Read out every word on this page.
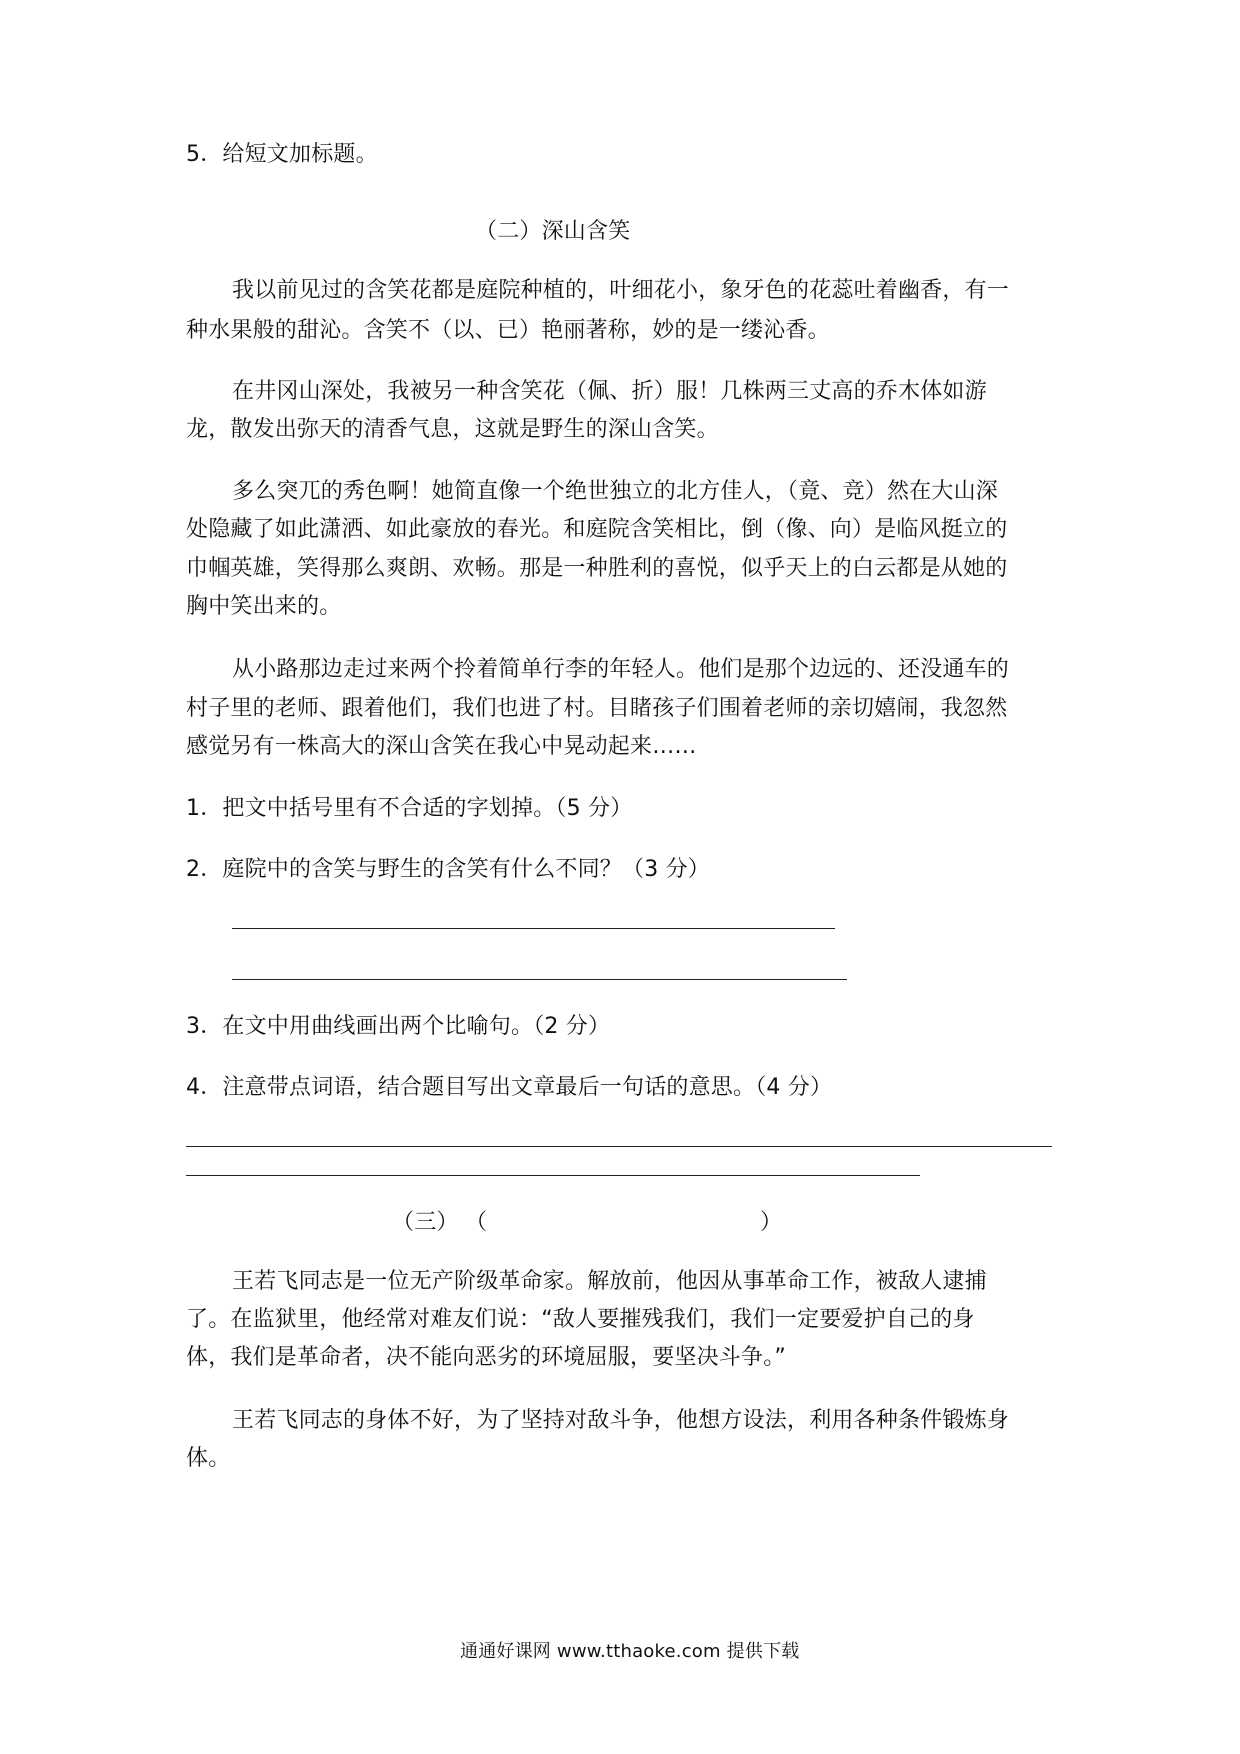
5．给短文加标题。
（二）深山含笑
我以前见过的含笑花都是庭院种植的，叶细花小，象牙色的花蕊吐着幽香，有一
种水果般的甜沁。含笑不（以、已）艳丽著称，妙的是一缕沁香。
在井冈山深处，我被另一种含笑花（佩、折）服！几株两三丈高的乔木体如游
龙，散发出弥天的清香气息，这就是野生的深山含笑。
多么突兀的秀色啊！她简直像一个绝世独立的北方佳人，（竟、竞）然在大山深
处隐藏了如此潇洒、如此豪放的春光。和庭院含笑相比，倒（像、向）是临风挺立的
巾帼英雄，笑得那么爽朗、欢畅。那是一种胜利的喜悦，似乎天上的白云都是从她的
胸中笑出来的。
从小路那边走过来两个拎着简单行李的年轻人。他们是那个边远的、还没通车的
村子里的老师、跟着他们，我们也进了村。目睹孩子们围着老师的亲切嬉闹，我忽然
感觉另有一株高大的深山含笑在我心中晃动起来……
1．把文中括号里有不合适的字划掉。（5 分）
2．庭院中的含笑与野生的含笑有什么不同？（3 分）
3．在文中用曲线画出两个比喻句。（2 分）
4．注意带点词语，结合题目写出文章最后一句话的意思。（4 分）
（三） （	）
王若飞同志是一位无产阶级革命家。解放前，他因从事革命工作，被敌人逮捕
了。在监狱里，他经常对难友们说：“敌人要摧残我们，我们一定要爱护自己的身
体，我们是革命者，决不能向恶劣的环境屈服，要坚决斗争。”
王若飞同志的身体不好，为了坚持对敌斗争，他想方设法，利用各种条件锻炼身
体。
通通好课网 www.tthaoke.com 提供下载
